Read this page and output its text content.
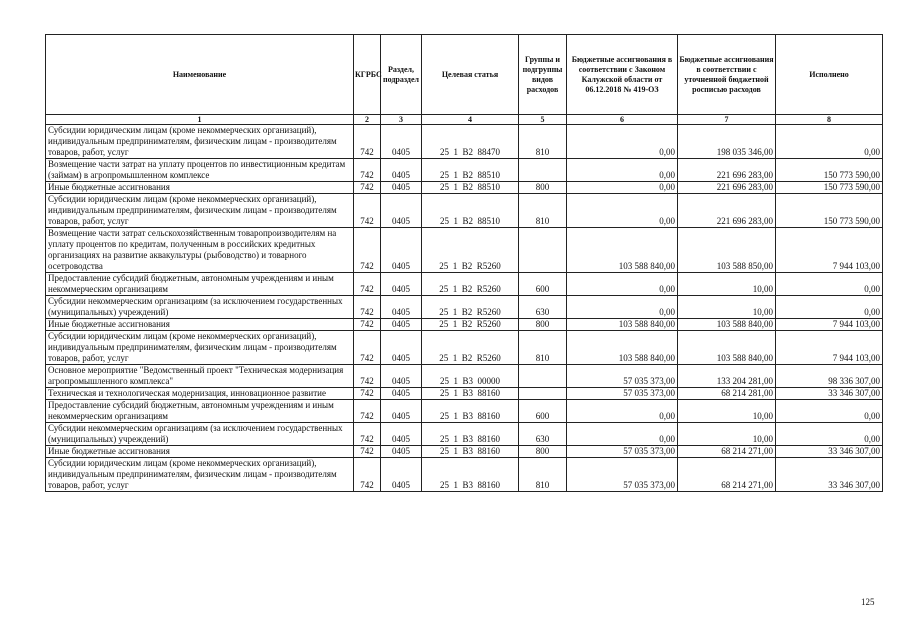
Наименование	КГРБС	Раздел, подраздел	Целевая статья	Группы и подгруппы видов расходов	Бюджетные ассигнования в соответствии с Законом Калужской области от 06.12.2018 № 419-ОЗ	Бюджетные ассигнования в соответствии с уточненной бюджетной росписью расходов	Исполнено
1	2	3	4	5	6	7	8
Субсидии юридическим лицам (кроме некоммерческих организаций), индивидуальным предпринимателям, физическим лицам - производителям товаров, работ, услуг	742	0405	25  1  В2  88470	810	0,00	198 035 346,00	0,00
Возмещение части затрат на уплату процентов по инвестиционным кредитам (займам) в агропромышленном комплексе	742	0405	25  1  В2  88510		0,00	221 696 283,00	150 773 590,00
Иные бюджетные ассигнования	742	0405	25  1  В2  88510	800	0,00	221 696 283,00	150 773 590,00
Субсидии юридическим лицам (кроме некоммерческих организаций), индивидуальным предпринимателям, физическим лицам - производителям товаров, работ, услуг	742	0405	25  1  В2  88510	810	0,00	221 696 283,00	150 773 590,00
Возмещение части затрат сельскохозяйственным товаропроизводителям на уплату процентов по кредитам, полученным в российских кредитных организациях на развитие аквакультуры (рыбоводство) и товарного осетроводства	742	0405	25  1  В2  R5260		103 588 840,00	103 588 850,00	7 944 103,00
Предоставление субсидий бюджетным, автономным учреждениям и иным некоммерческим организациям	742	0405	25  1  В2  R5260	600	0,00	10,00	0,00
Субсидии некоммерческим организациям (за исключением государственных (муниципальных) учреждений)	742	0405	25  1  В2  R5260	630	0,00	10,00	0,00
Иные бюджетные ассигнования	742	0405	25  1  В2  R5260	800	103 588 840,00	103 588 840,00	7 944 103,00
Субсидии юридическим лицам (кроме некоммерческих организаций), индивидуальным предпринимателям, физическим лицам - производителям товаров, работ, услуг	742	0405	25  1  В2  R5260	810	103 588 840,00	103 588 840,00	7 944 103,00
Основное мероприятие "Ведомственный проект "Техническая модернизация агропромышленного комплекса"	742	0405	25  1  В3  00000		57 035 373,00	133 204 281,00	98 336 307,00
Техническая и технологическая модернизация, инновационное развитие	742	0405	25  1  В3  88160		57 035 373,00	68 214 281,00	33 346 307,00
Предоставление субсидий бюджетным, автономным учреждениям и иным некоммерческим организациям	742	0405	25  1  В3  88160	600	0,00	10,00	0,00
Субсидии некоммерческим организациям (за исключением государственных (муниципальных) учреждений)	742	0405	25  1  В3  88160	630	0,00	10,00	0,00
Иные бюджетные ассигнования	742	0405	25  1  В3  88160	800	57 035 373,00	68 214 271,00	33 346 307,00
Субсидии юридическим лицам (кроме некоммерческих организаций), индивидуальным предпринимателям, физическим лицам - производителям товаров, работ, услуг	742	0405	25  1  В3  88160	810	57 035 373,00	68 214 271,00	33 346 307,00
125
